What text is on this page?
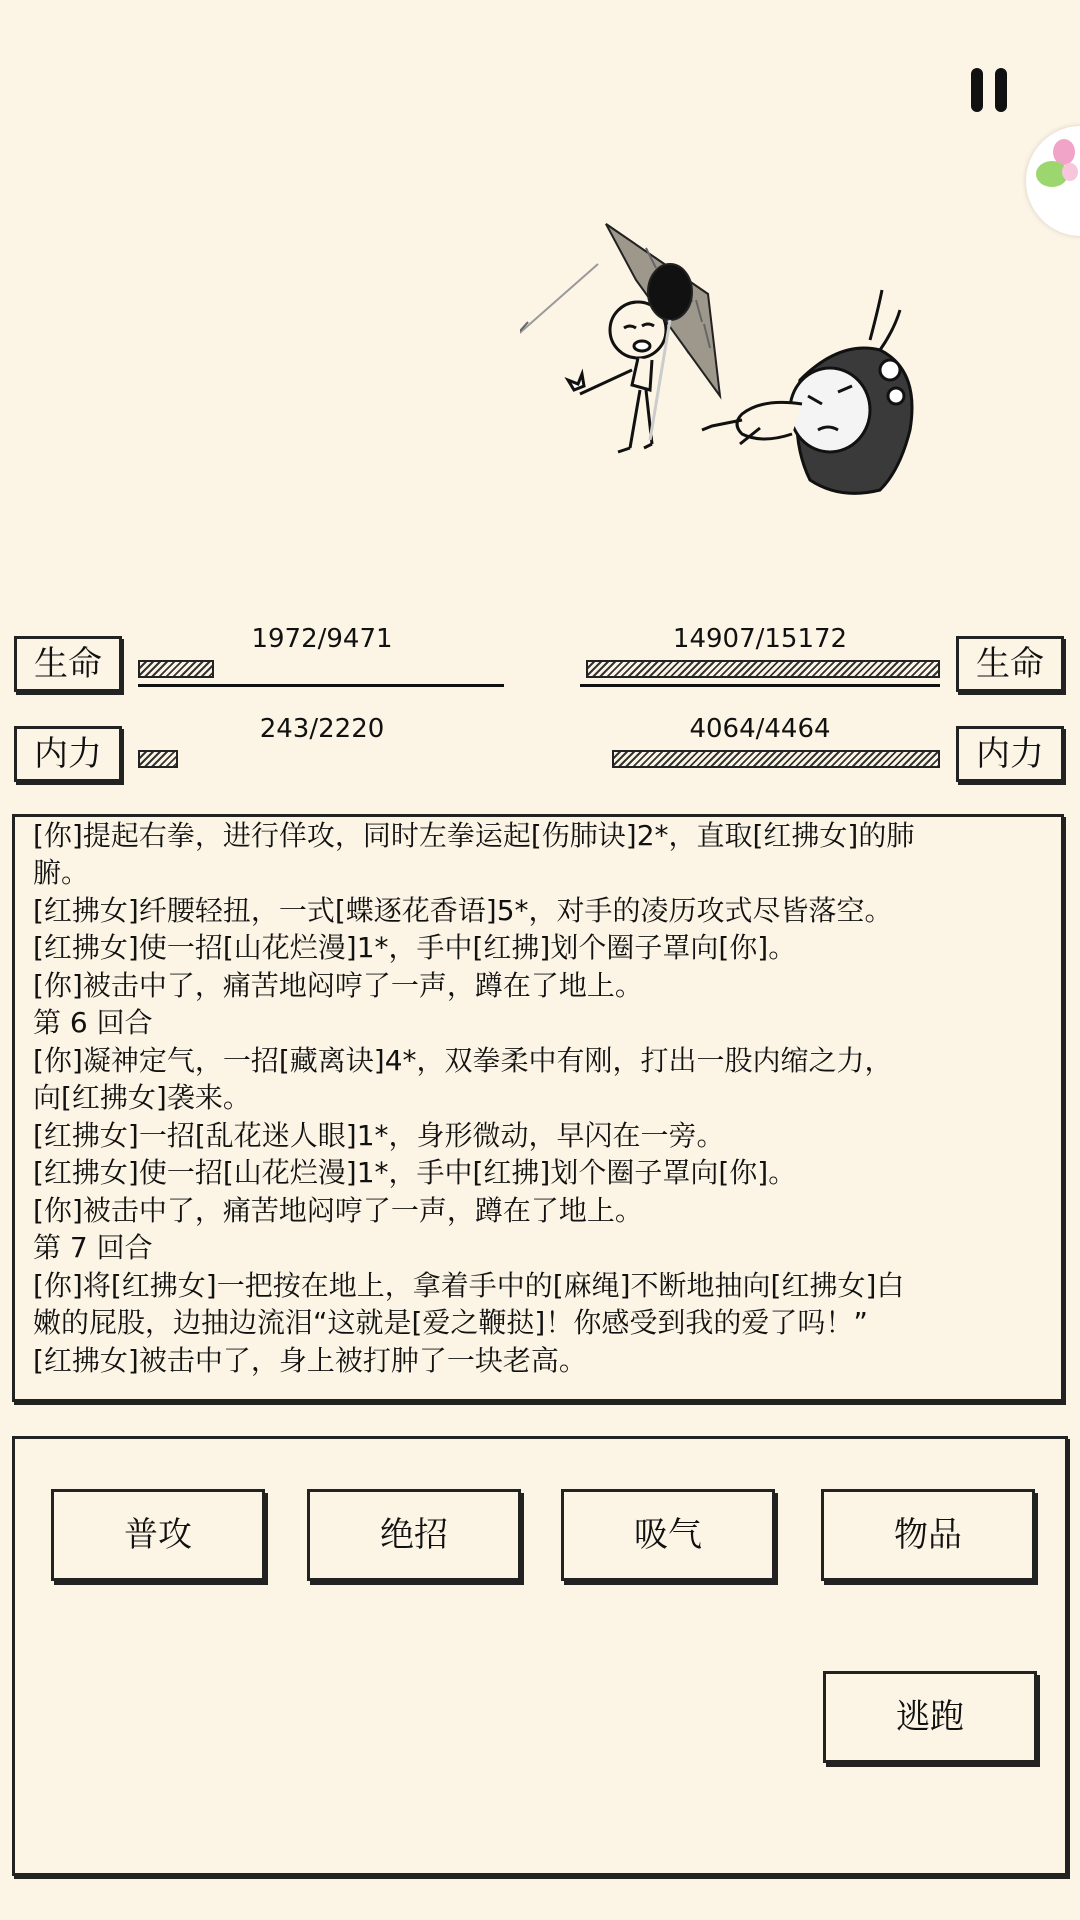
生命
1972/9471
内力
243/2220
生命
14907/15172
内力
4064/4464
[你]提起右拳，进行佯攻，同时左拳运起[伤肺诀]2*，直取[红拂女]的肺
腑。
[红拂女]纤腰轻扭，一式[蝶逐花香语]5*，对手的凌历攻式尽皆落空。
[红拂女]使一招[山花烂漫]1*，手中[红拂]划个圈子罩向[你]。
[你]被击中了，痛苦地闷哼了一声，蹲在了地上。
第 6 回合
[你]凝神定气，一招[藏离诀]4*，双拳柔中有刚，打出一股内缩之力，
向[红拂女]袭来。
[红拂女]一招[乱花迷人眼]1*，身形微动，早闪在一旁。
[红拂女]使一招[山花烂漫]1*，手中[红拂]划个圈子罩向[你]。
[你]被击中了，痛苦地闷哼了一声，蹲在了地上。
第 7 回合
[你]将[红拂女]一把按在地上，拿着手中的[麻绳]不断地抽向[红拂女]白
嫩的屁股，边抽边流泪“这就是[爱之鞭挞]！你感受到我的爱了吗！”
[红拂女]被击中了，身上被打肿了一块老高。
普攻	绝招	吸气	物品
逃跑
